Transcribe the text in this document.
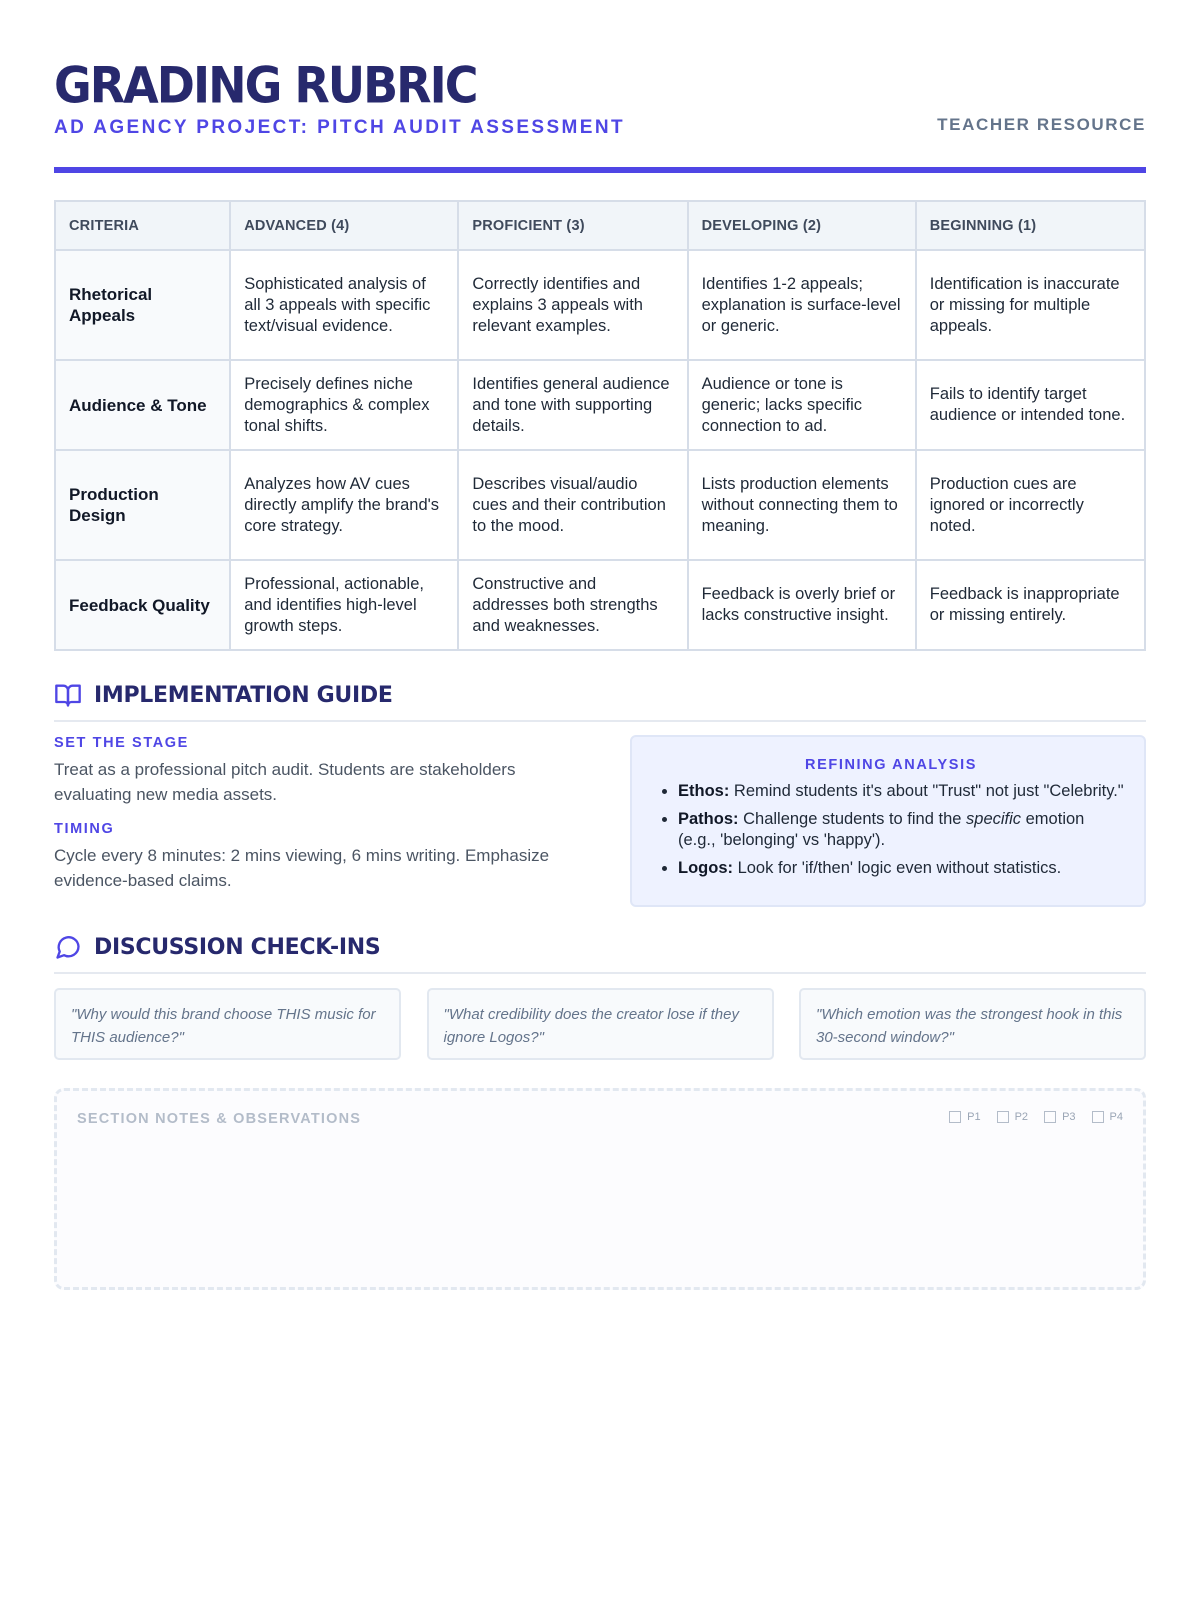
GRADING RUBRIC
AD AGENCY PROJECT: PITCH AUDIT ASSESSMENT	TEACHER RESOURCE
CRITERIA	ADVANCED (4)	PROFICIENT (3)	DEVELOPING (2)	BEGINNING (1)
Rhetorical Appeals	Sophisticated analysis of all 3 appeals with specific text/visual evidence.	Correctly identifies and explains 3 appeals with relevant examples.	Identifies 1-2 appeals; explanation is surface-level or generic.	Identification is inaccurate or missing for multiple appeals.
Audience & Tone	Precisely defines niche demographics & complex tonal shifts.	Identifies general audience and tone with supporting details.	Audience or tone is generic; lacks specific connection to ad.	Fails to identify target audience or intended tone.
Production Design	Analyzes how AV cues directly amplify the brand's core strategy.	Describes visual/audio cues and their contribution to the mood.	Lists production elements without connecting them to meaning.	Production cues are ignored or incorrectly noted.
Feedback Quality	Professional, actionable, and identifies high-level growth steps.	Constructive and addresses both strengths and weaknesses.	Feedback is overly brief or lacks constructive insight.	Feedback is inappropriate or missing entirely.
IMPLEMENTATION GUIDE
SET THE STAGE

Treat as a professional pitch audit. Students are stakeholders evaluating new media assets.

TIMING

Cycle every 8 minutes: 2 mins viewing, 6 mins writing. Emphasize evidence-based claims.

REFINING ANALYSIS
• Ethos: Remind students it's about "Trust" not just "Celebrity."
• Pathos: Challenge students to find the specific emotion (e.g., 'belonging' vs 'happy').
• Logos: Look for 'if/then' logic even without statistics.
DISCUSSION CHECK-INS
"Why would this brand choose THIS music for THIS audience?"
"What credibility does the creator lose if they ignore Logos?"
"Which emotion was the strongest hook in this 30-second window?"
SECTION NOTES & OBSERVATIONS	P1	P2	P3	P4
